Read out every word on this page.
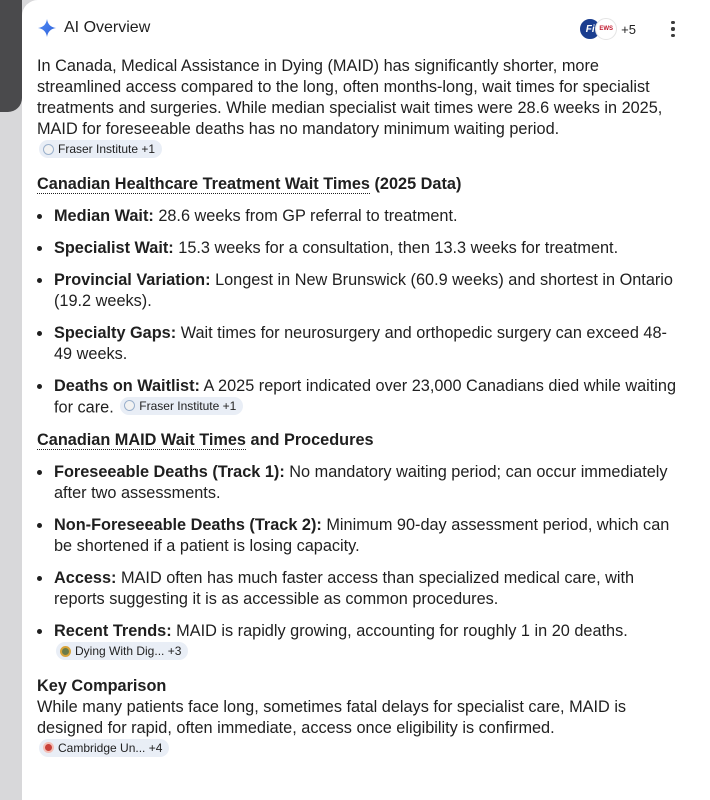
AI Overview	Fi EWS +5

In Canada, Medical Assistance in Dying (MAID) has significantly shorter, more streamlined access compared to the long, often months-long, wait times for specialist treatments and surgeries. While median specialist wait times were 28.6 weeks in 2025, MAID for foreseeable deaths has no mandatory minimum waiting period.
Fraser Institute +1

Canadian Healthcare Treatment Wait Times (2025 Data)
Median Wait: 28.6 weeks from GP referral to treatment.
Specialist Wait: 15.3 weeks for a consultation, then 13.3 weeks for treatment.
Provincial Variation: Longest in New Brunswick (60.9 weeks) and shortest in Ontario (19.2 weeks).
Specialty Gaps: Wait times for neurosurgery and orthopedic surgery can exceed 48-49 weeks.
Deaths on Waitlist: A 2025 report indicated over 23,000 Canadians died while waiting for care. Fraser Institute +1
Canadian MAID Wait Times and Procedures
Foreseeable Deaths (Track 1): No mandatory waiting period; can occur immediately after two assessments.
Non-Foreseeable Deaths (Track 2): Minimum 90-day assessment period, which can be shortened if a patient is losing capacity.
Access: MAID often has much faster access than specialized medical care, with reports suggesting it is as accessible as common procedures.
Recent Trends: MAID is rapidly growing, accounting for roughly 1 in 20 deaths.
Dying With Dig... +3

Key Comparison

While many patients face long, sometimes fatal delays for specialist care, MAID is designed for rapid, often immediate, access once eligibility is confirmed.
Cambridge Un... +4
